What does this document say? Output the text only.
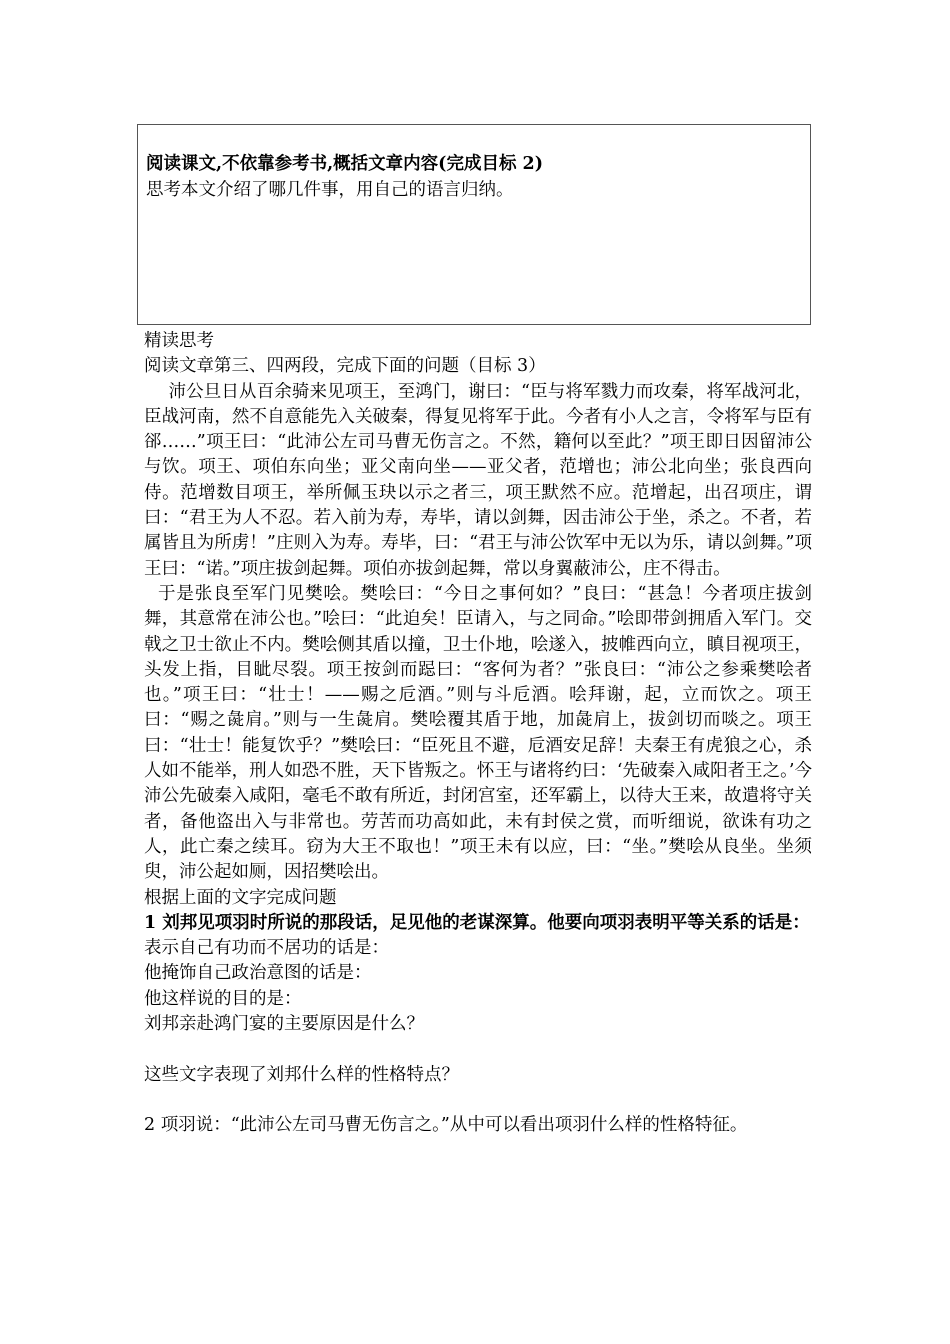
阅读课文,不依靠参考书,概括文章内容(完成目标 2)
思考本文介绍了哪几件事，用自己的语言归纳。
精读思考
阅读文章第三、四两段，完成下面的问题（目标 3）
沛公旦日从百余骑来见项王，至鸿门，谢曰：“臣与将军戮力而攻秦，将军战河北，臣战河南，然不自意能先入关破秦，得复见将军于此。今者有小人之言，令将军与臣有郤……”项王曰：“此沛公左司马曹无伤言之。不然，籍何以至此？”项王即日因留沛公与饮。项王、项伯东向坐；亚父南向坐——亚父者，范增也；沛公北向坐；张良西向侍。范增数目项王，举所佩玉玦以示之者三，项王默然不应。范增起，出召项庄，谓曰：“君王为人不忍。若入前为寿，寿毕，请以剑舞，因击沛公于坐，杀之。不者，若属皆且为所虏！”庄则入为寿。寿毕，曰：“君王与沛公饮军中无以为乐，请以剑舞。”项王曰：“诺。”项庄拔剑起舞。项伯亦拔剑起舞，常以身翼蔽沛公，庄不得击。
于是张良至军门见樊哙。樊哙曰：“今日之事何如？”良曰：“甚急！今者项庄拔剑舞，其意常在沛公也。”哙曰：“此迫矣！臣请入，与之同命。”哙即带剑拥盾入军门。交戟之卫士欲止不内。樊哙侧其盾以撞，卫士仆地，哙遂入，披帷西向立，瞋目视项王，头发上指，目眦尽裂。项王按剑而跽曰：“客何为者？”张良曰：“沛公之参乘樊哙者也。”项王曰：“壮士！——赐之卮酒。”则与斗卮酒。哙拜谢，起，立而饮之。项王曰：“赐之彘肩。”则与一生彘肩。樊哙覆其盾于地，加彘肩上，拔剑切而啖之。项王曰：“壮士！能复饮乎？”樊哙曰：“臣死且不避，卮酒安足辞！夫秦王有虎狼之心，杀人如不能举，刑人如恐不胜，天下皆叛之。怀王与诸将约曰：‘先破秦入咸阳者王之。’今沛公先破秦入咸阳，毫毛不敢有所近，封闭宫室，还军霸上，以待大王来，故遣将守关者，备他盗出入与非常也。劳苦而功高如此，未有封侯之赏，而听细说，欲诛有功之人，此亡秦之续耳。窃为大王不取也！”项王未有以应，曰：“坐。”樊哙从良坐。坐须臾，沛公起如厕，因招樊哙出。
根据上面的文字完成问题
1 刘邦见项羽时所说的那段话，足见他的老谋深算。他要向项羽表明平等关系的话是：
表示自己有功而不居功的话是：
他掩饰自己政治意图的话是：
他这样说的目的是：
刘邦亲赴鸿门宴的主要原因是什么？
这些文字表现了刘邦什么样的性格特点？
2 项羽说：“此沛公左司马曹无伤言之。”从中可以看出项羽什么样的性格特征。
